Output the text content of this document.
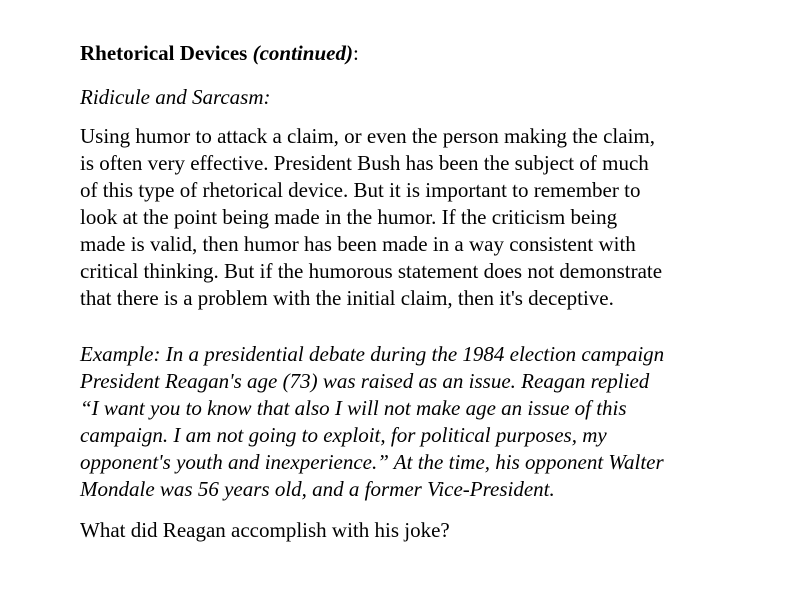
Rhetorical Devices (continued):
Ridicule and Sarcasm:
Using humor to attack a claim, or even the person making the claim,
is often very effective. President Bush has been the subject of much
of this type of rhetorical device. But it is important to remember to
look at the point being made in the humor. If the criticism being
made is valid, then humor has been made in a way consistent with
critical thinking. But if the humorous statement does not demonstrate
that there is a problem with the initial claim, then it's deceptive.
Example: In a presidential debate during the 1984 election campaign
President Reagan's age (73) was raised as an issue. Reagan replied
“I want you to know that also I will not make age an issue of this
campaign. I am not going to exploit, for political purposes, my
opponent's youth and inexperience.” At the time, his opponent Walter
Mondale was 56 years old, and a former Vice-President.
What did Reagan accomplish with his joke?
